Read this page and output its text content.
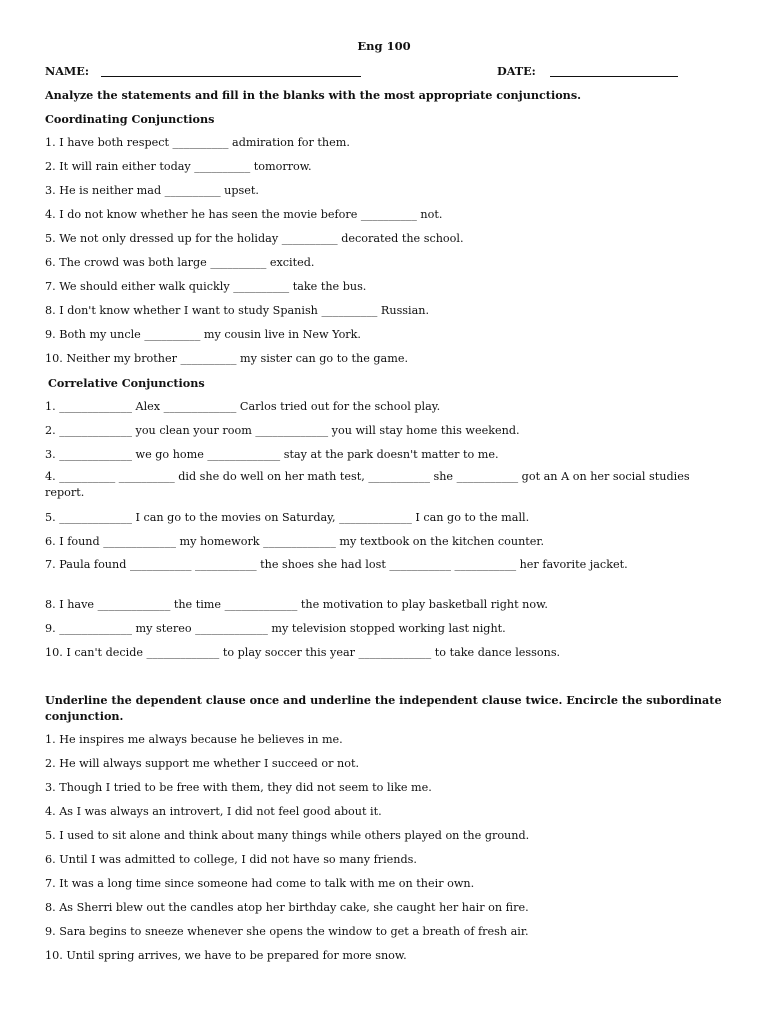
Eng 100
NAME:	DATE:
Analyze the statements and fill in the blanks with the most appropriate conjunctions.
Coordinating Conjunctions
1. I have both respect __________ admiration for them.
2. It will rain either today __________ tomorrow.
3. He is neither mad __________ upset.
4. I do not know whether he has seen the movie before __________ not.
5. We not only dressed up for the holiday __________ decorated the school.
6. The crowd was both large __________ excited.
7. We should either walk quickly __________ take the bus.
8. I don't know whether I want to study Spanish __________ Russian.
9. Both my uncle __________ my cousin live in New York.
10. Neither my brother __________ my sister can go to the game.
Correlative Conjunctions
1. _____________ Alex _____________ Carlos tried out for the school play.
2. _____________ you clean your room _____________ you will stay home this weekend.
3. _____________ we go home _____________ stay at the park doesn't matter to me.
4. __________ __________ did she do well on her math test, ___________ she ___________ got an A on her social studies report.
5. _____________ I can go to the movies on Saturday, _____________ I can go to the mall.
6. I found _____________ my homework _____________ my textbook on the kitchen counter.
7. Paula found ___________ ___________ the shoes she had lost ___________ ___________ her favorite jacket.
8. I have _____________ the time _____________ the motivation to play basketball right now.
9. _____________ my stereo _____________ my television stopped working last night.
10. I can't decide _____________ to play soccer this year _____________ to take dance lessons.
Underline the dependent clause once and underline the independent clause twice. Encircle the subordinate conjunction.
1. He inspires me always because he believes in me.
2. He will always support me whether I succeed or not.
3. Though I tried to be free with them, they did not seem to like me.
4. As I was always an introvert, I did not feel good about it.
5. I used to sit alone and think about many things while others played on the ground.
6. Until I was admitted to college, I did not have so many friends.
7. It was a long time since someone had come to talk with me on their own.
8. As Sherri blew out the candles atop her birthday cake, she caught her hair on fire.
9. Sara begins to sneeze whenever she opens the window to get a breath of fresh air.
10. Until spring arrives, we have to be prepared for more snow.
